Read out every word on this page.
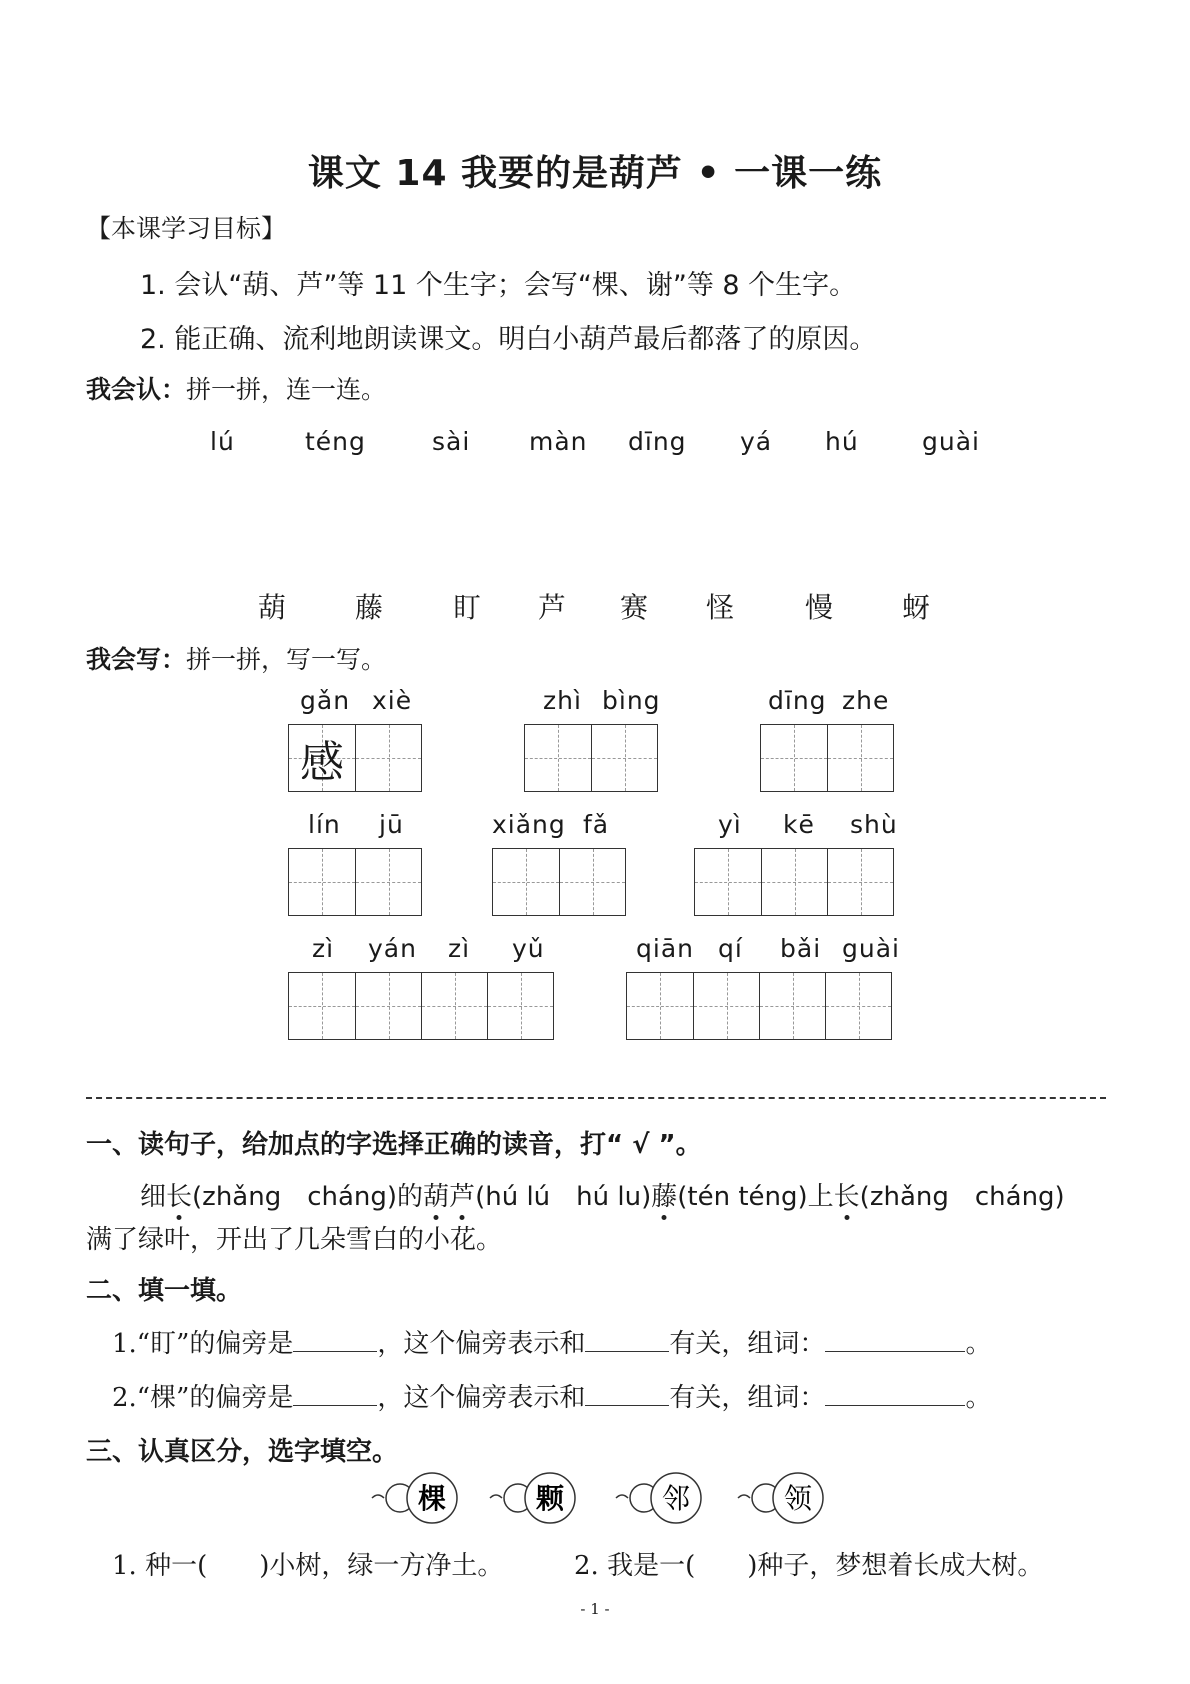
课文 14 我要的是葫芦 • 一课一练
【本课学习目标】
1. 会认“葫、芦”等 11 个生字；会写“棵、谢”等 8 个生字。
2. 能正确、流利地朗读课文。明白小葫芦最后都落了的原因。
我会认：拼一拼，连一连。
lú	téng	sài màn dīng yá hú	guài
葫 藤 盯 芦 赛 怪	慢 蚜
我会写：拼一拼，写一写。
gǎn xiè
感
zhì bìng	dīng zhe
lín jū	xiǎng fǎ	yì kē shù
zì yán zì yǔ	qiān qí bǎi guài
一、读句子，给加点的字选择正确的读音，打“ √ ”。
细长(zhǎng　cháng)的葫芦(hú lú　hú lu)藤(tén téng)上长(zhǎng　cháng)
满了绿叶，开出了几朵雪白的小花。
二、填一填。
1.“盯”的偏旁是	，这个偏旁表示和	有关，组词：	。
2.“棵”的偏旁是	，这个偏旁表示和	有关，组词：	。
三、认真区分，选字填空。
棵	颗	邻	领
1. 种一(　　)小树，绿一方净土。	2. 我是一(　　)种子，梦想着长成大树。
- 1 -
